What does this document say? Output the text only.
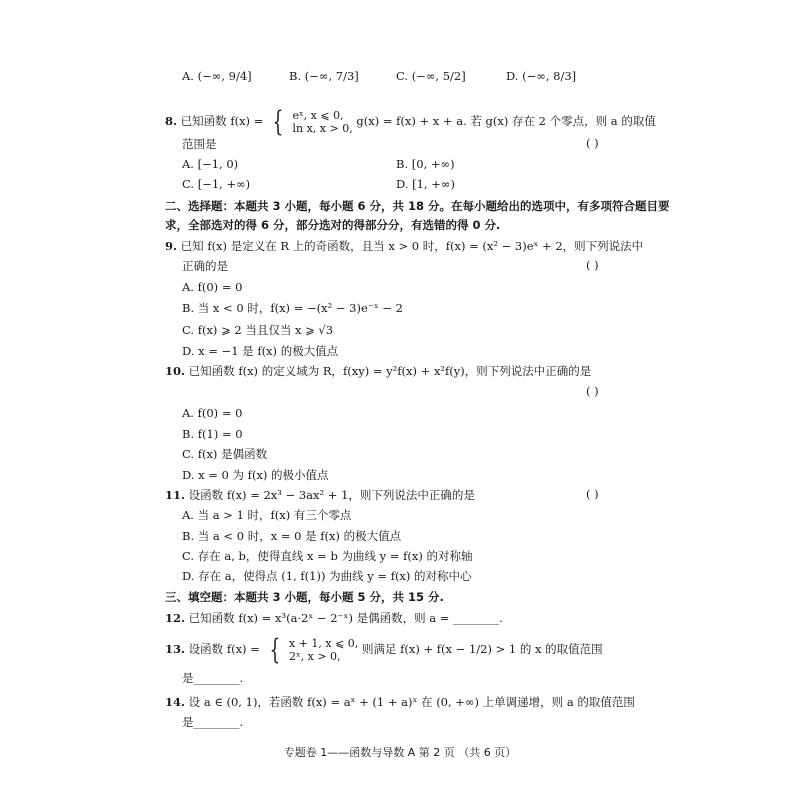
A. (−∞, 9/4]	B. (−∞, 7/3]	C. (−∞, 5/2]	D. (−∞, 8/3]
8. 已知函数 f(x) = { eˣ, x ⩽ 0,
ln x, x > 0, g(x) = f(x) + x + a. 若 g(x) 存在 2 个零点，则 a 的取值
范围是	( )
A. [−1, 0)	B. [0, +∞)
C. [−1, +∞)	D. [1, +∞)
二、选择题：本题共 3 小题，每小题 6 分，共 18 分。在每小题给出的选项中，有多项符合题目要
求，全部选对的得 6 分，部分选对的得部分分，有选错的得 0 分.
9. 已知 f(x) 是定义在 R 上的奇函数，且当 x > 0 时，f(x) = (x² − 3)eˣ + 2，则下列说法中
正确的是	( )
A. f(0) = 0
B. 当 x < 0 时，f(x) = −(x² − 3)e⁻ˣ − 2
C. f(x) ⩾ 2 当且仅当 x ⩾ √3
D. x = −1 是 f(x) 的极大值点
10. 已知函数 f(x) 的定义域为 R，f(xy) = y²f(x) + x²f(y)，则下列说法中正确的是
( )
A. f(0) = 0
B. f(1) = 0
C. f(x) 是偶函数
D. x = 0 为 f(x) 的极小值点
11. 设函数 f(x) = 2x³ − 3ax² + 1，则下列说法中正确的是	( )
A. 当 a > 1 时，f(x) 有三个零点
B. 当 a < 0 时，x = 0 是 f(x) 的极大值点
C. 存在 a, b，使得直线 x = b 为曲线 y = f(x) 的对称轴
D. 存在 a，使得点 (1, f(1)) 为曲线 y = f(x) 的对称中心
三、填空题：本题共 3 小题，每小题 5 分，共 15 分.
12. 已知函数 f(x) = x³(a·2ˣ − 2⁻ˣ) 是偶函数，则 a = ________.
13. 设函数 f(x) = { x + 1, x ⩽ 0,
2ˣ, x > 0, 则满足 f(x) + f(x − 1/2) > 1 的 x 的取值范围
是________.
14. 设 a ∈ (0, 1)，若函数 f(x) = aˣ + (1 + a)ˣ 在 (0, +∞) 上单调递增，则 a 的取值范围
是________.
专题卷 1——函数与导数 A 第 2 页 （共 6 页）
